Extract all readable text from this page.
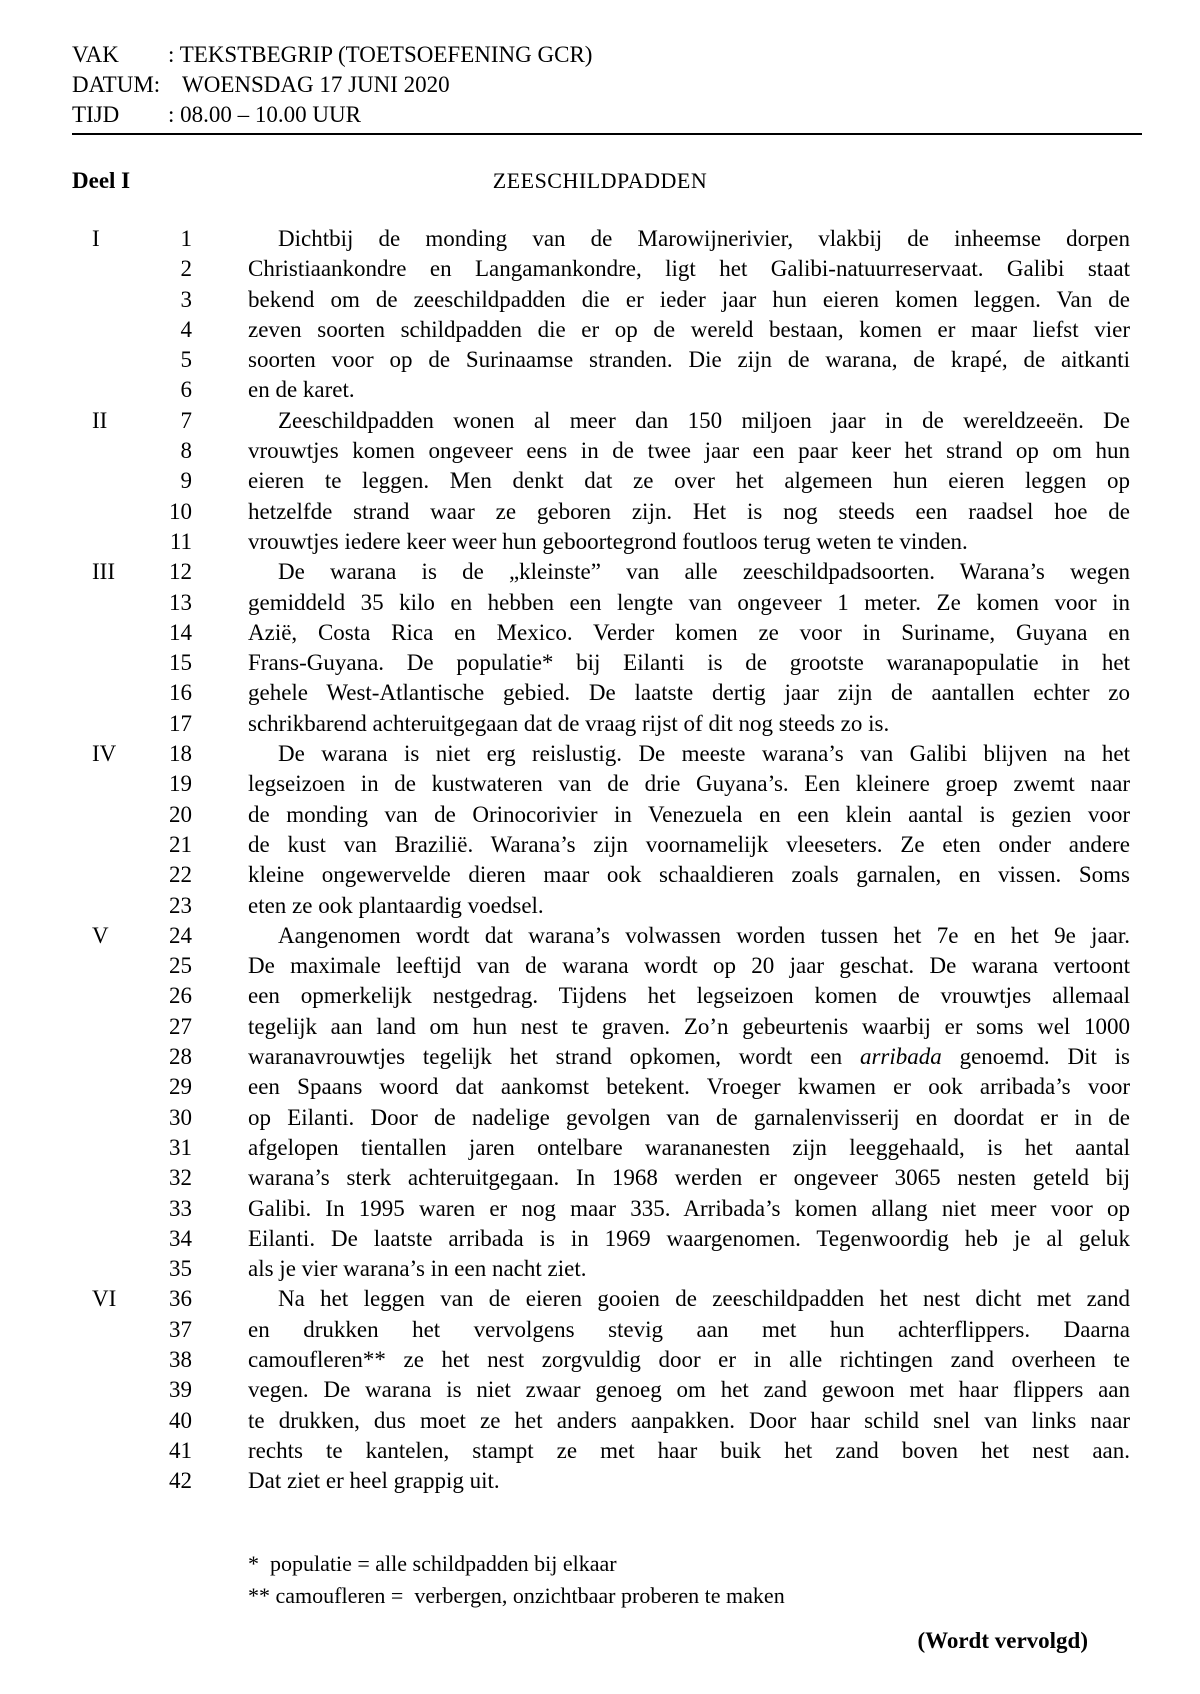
VAK : TEKSTBEGRIP (TOETSOEFENING GCR)
DATUM: WOENSDAG 17 JUNI 2020
TIJD : 08.00 – 10.00 UUR
Deel I	ZEESCHILDPADDEN
I	1	Dichtbij de monding van de Marowijnerivier, vlakbij de inheemse dorpen
2 Christiaankondre en Langamankondre, ligt het Galibi-natuurreservaat. Galibi staat
3 bekend om de zeeschildpadden die er ieder jaar hun eieren komen leggen. Van de
4 zeven soorten schildpadden die er op de wereld bestaan, komen er maar liefst vier
5 soorten voor op de Surinaamse stranden. Die zijn de warana, de krapé, de aitkanti
6 en de karet.
II	7	Zeeschildpadden wonen al meer dan 150 miljoen jaar in de wereldzeeën. De
8 vrouwtjes komen ongeveer eens in de twee jaar een paar keer het strand op om hun
9 eieren te leggen. Men denkt dat ze over het algemeen hun eieren leggen op
10 hetzelfde strand waar ze geboren zijn. Het is nog steeds een raadsel hoe de
11 vrouwtjes iedere keer weer hun geboortegrond foutloos terug weten te vinden.
III	12	De warana is de „kleinste” van alle zeeschildpadsoorten. Warana’s wegen
13 gemiddeld 35 kilo en hebben een lengte van ongeveer 1 meter. Ze komen voor in
14 Azië, Costa Rica en Mexico. Verder komen ze voor in Suriname, Guyana en
15 Frans-Guyana. De populatie* bij Eilanti is de grootste waranapopulatie in het
16 gehele West-Atlantische gebied. De laatste dertig jaar zijn de aantallen echter zo
17 schrikbarend achteruitgegaan dat de vraag rijst of dit nog steeds zo is.
IV	18	De warana is niet erg reislustig. De meeste warana’s van Galibi blijven na het
19 legseizoen in de kustwateren van de drie Guyana’s. Een kleinere groep zwemt naar
20 de monding van de Orinocorivier in Venezuela en een klein aantal is gezien voor
21 de kust van Brazilië. Warana’s zijn voornamelijk vleeseters. Ze eten onder andere
22 kleine ongewervelde dieren maar ook schaaldieren zoals garnalen, en vissen. Soms
23 eten ze ook plantaardig voedsel.
V	24	Aangenomen wordt dat warana’s volwassen worden tussen het 7e en het 9e jaar.
25 De maximale leeftijd van de warana wordt op 20 jaar geschat. De warana vertoont
26 een opmerkelijk nestgedrag. Tijdens het legseizoen komen de vrouwtjes allemaal
27 tegelijk aan land om hun nest te graven. Zo’n gebeurtenis waarbij er soms wel 1000
28 waranavrouwtjes tegelijk het strand opkomen, wordt een arribada genoemd. Dit is
29 een Spaans woord dat aankomst betekent. Vroeger kwamen er ook arribada’s voor
30 op Eilanti. Door de nadelige gevolgen van de garnalenvisserij en doordat er in de
31 afgelopen tientallen jaren ontelbare warananesten zijn leeggehaald, is het aantal
32 warana’s sterk achteruitgegaan. In 1968 werden er ongeveer 3065 nesten geteld bij
33 Galibi. In 1995 waren er nog maar 335. Arribada’s komen allang niet meer voor op
34 Eilanti. De laatste arribada is in 1969 waargenomen. Tegenwoordig heb je al geluk
35 als je vier warana’s in een nacht ziet.
VI	36	Na het leggen van de eieren gooien de zeeschildpadden het nest dicht met zand
37 en drukken het vervolgens stevig aan met hun achterflippers. Daarna
38 camoufleren** ze het nest zorgvuldig door er in alle richtingen zand overheen te
39 vegen. De warana is niet zwaar genoeg om het zand gewoon met haar flippers aan
40 te drukken, dus moet ze het anders aanpakken. Door haar schild snel van links naar
41 rechts te kantelen, stampt ze met haar buik het zand boven het nest aan.
42 Dat ziet er heel grappig uit.
*  populatie = alle schildpadden bij elkaar
** camoufleren =  verbergen, onzichtbaar proberen te maken
(Wordt vervolgd)
